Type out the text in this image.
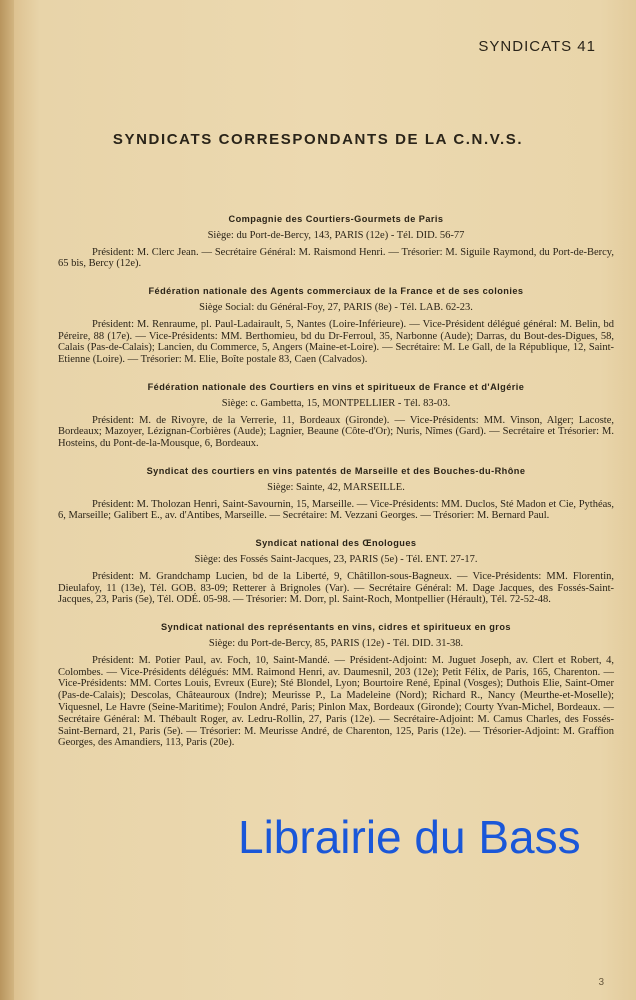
SYNDICATS 41
SYNDICATS CORRESPONDANTS DE LA C.N.V.S.
Compagnie des Courtiers-Gourmets de Paris
Siège: du Port-de-Bercy, 143, PARIS (12e) - Tél. DID. 56-77
Président: M. Clerc Jean. — Secrétaire Général: M. Raismond Henri. — Trésorier: M. Siguile Raymond, du Port-de-Bercy, 65 bis, Bercy (12e).
Fédération nationale des Agents commerciaux de la France et de ses colonies
Siège Social: du Général-Foy, 27, PARIS (8e) - Tél. LAB. 62-23.
Président: M. Renraume, pl. Paul-Ladairault, 5, Nantes (Loire-Inférieure). — Vice-Président délégué général: M. Belin, bd Péreire, 88 (17e). — Vice-Présidents: MM. Berthomieu, bd du Dr-Ferroul, 35, Narbonne (Aude); Darras, du Bout-des-Digues, 58, Calais (Pas-de-Calais); Lancien, du Commerce, 5, Angers (Maine-et-Loire). — Secrétaire: M. Le Gall, de la République, 12, Saint-Etienne (Loire). — Trésorier: M. Elie, Boîte postale 83, Caen (Calvados).
Fédération nationale des Courtiers en vins et spiritueux de France et d'Algérie
Siège: c. Gambetta, 15, MONTPELLIER - Tél. 83-03.
Président: M. de Rivoyre, de la Verrerie, 11, Bordeaux (Gironde). — Vice-Présidents: MM. Vinson, Alger; Lacoste, Bordeaux; Mazoyer, Lézignan-Corbières (Aude); Lagnier, Beaune (Côte-d'Or); Nuris, Nîmes (Gard). — Secrétaire et Trésorier: M. Hosteins, du Pont-de-la-Mousque, 6, Bordeaux.
Syndicat des courtiers en vins patentés de Marseille et des Bouches-du-Rhône
Siège: Sainte, 42, MARSEILLE.
Président: M. Tholozan Henri, Saint-Savournin, 15, Marseille. — Vice-Présidents: MM. Duclos, Sté Madon et Cie, Pythéas, 6, Marseille; Galibert E., av. d'Antibes, Marseille. — Secrétaire: M. Vezzani Georges. — Trésorier: M. Bernard Paul.
Syndicat national des Œnologues
Siège: des Fossés Saint-Jacques, 23, PARIS (5e) - Tél. ENT. 27-17.
Président: M. Grandchamp Lucien, bd de la Liberté, 9, Châtillon-sous-Bagneux. — Vice-Présidents: MM. Florentin, Dieulafoy, 11 (13e), Tél. GOB. 83-09; Retterer à Brignoles (Var). — Secrétaire Général: M. Dage Jacques, des Fossés-Saint-Jacques, 23, Paris (5e), Tél. ODÉ. 05-98. — Trésorier: M. Dorr, pl. Saint-Roch, Montpellier (Hérault), Tél. 72-52-48.
Syndicat national des représentants en vins, cidres et spiritueux en gros
Siège: du Port-de-Bercy, 85, PARIS (12e) - Tél. DID. 31-38.
Président: M. Potier Paul, av. Foch, 10, Saint-Mandé. — Président-Adjoint: M. Juguet Joseph, av. Clert et Robert, 4, Colombes. — Vice-Présidents délégués: MM. Raimond Henri, av. Daumesnil, 203 (12e); Petit Félix, de Paris, 165, Charenton. — Vice-Présidents: MM. Cortes Louis, Evreux (Eure); Sté Blondel, Lyon; Bourtoire René, Epinal (Vosges); Duthois Elie, Saint-Omer (Pas-de-Calais); Descolas, Châteauroux (Indre); Meurisse P., La Madeleine (Nord); Richard R., Nancy (Meurthe-et-Moselle); Viquesnel, Le Havre (Seine-Maritime); Foulon André, Paris; Pinlon Max, Bordeaux (Gironde); Courty Yvan-Michel, Bordeaux. — Secrétaire Général: M. Thébault Roger, av. Ledru-Rollin, 27, Paris (12e). — Secrétaire-Adjoint: M. Camus Charles, des Fossés-Saint-Bernard, 21, Paris (5e). — Trésorier: M. Meurisse André, de Charenton, 125, Paris (12e). — Trésorier-Adjoint: M. Graffion Georges, des Amandiers, 113, Paris (20e).
Librairie du Bass
3
